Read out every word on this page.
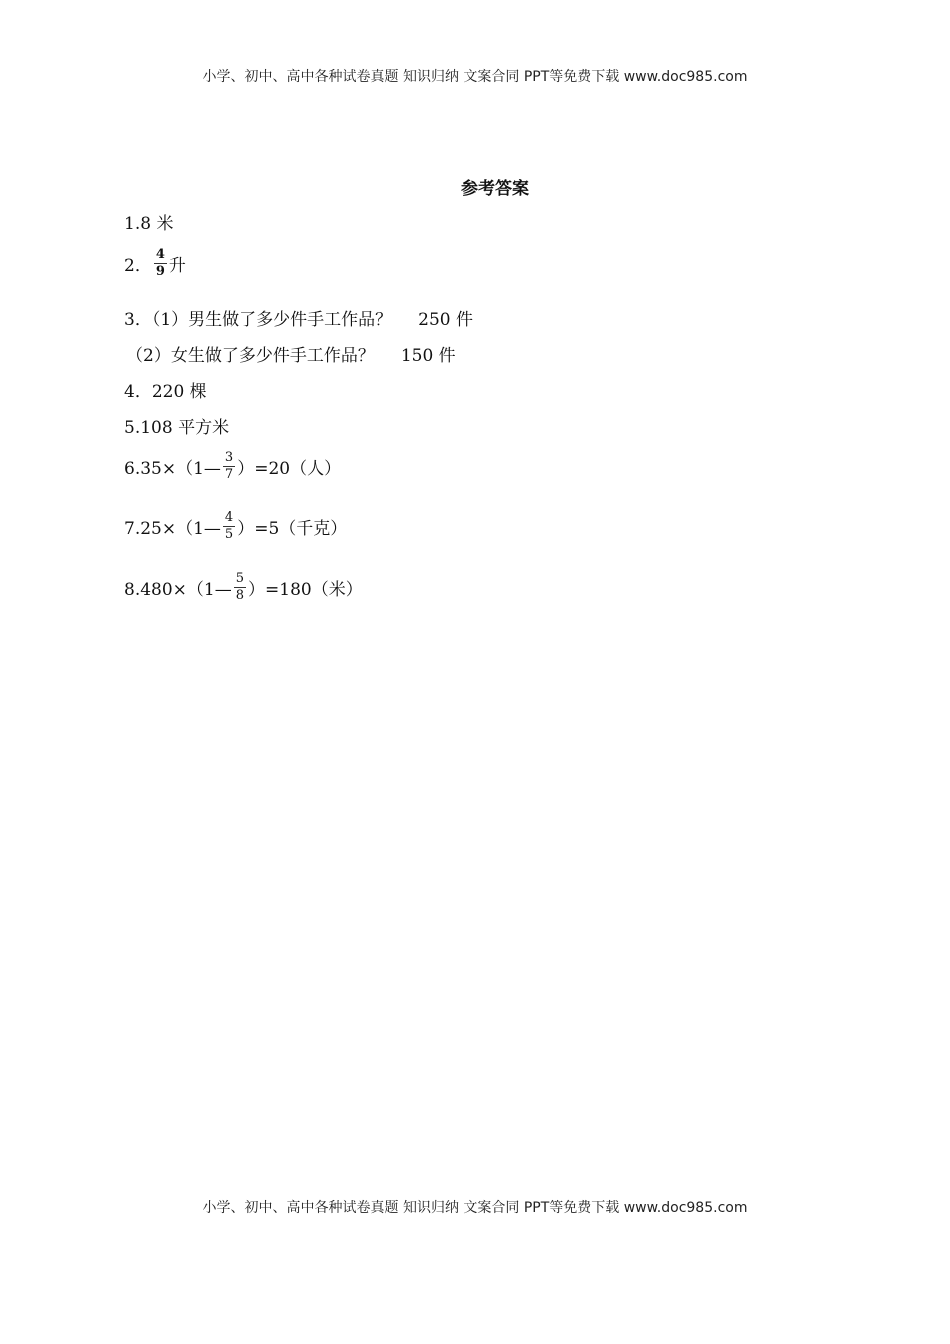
小学、初中、高中各种试卷真题 知识归纳 文案合同 PPT等免费下载 www.doc985.com
参考答案
1.8 米
2． $\frac{4}{9}$ 升
3．（1）男生做了多少件手工作品？ 250 件
（2）女生做了多少件手工作品？ 150 件
4．220 棵
5.108 平方米
6.35×（1— $\frac{3}{7} )=20$（人）
7.25×（1— $\frac{4}{5} )=5$（千克）
8.480×（1— $\frac{5}{8} )=180$（米）
小学、初中、高中各种试卷真题 知识归纳 文案合同 PPT等免费下载 www.doc985.com
